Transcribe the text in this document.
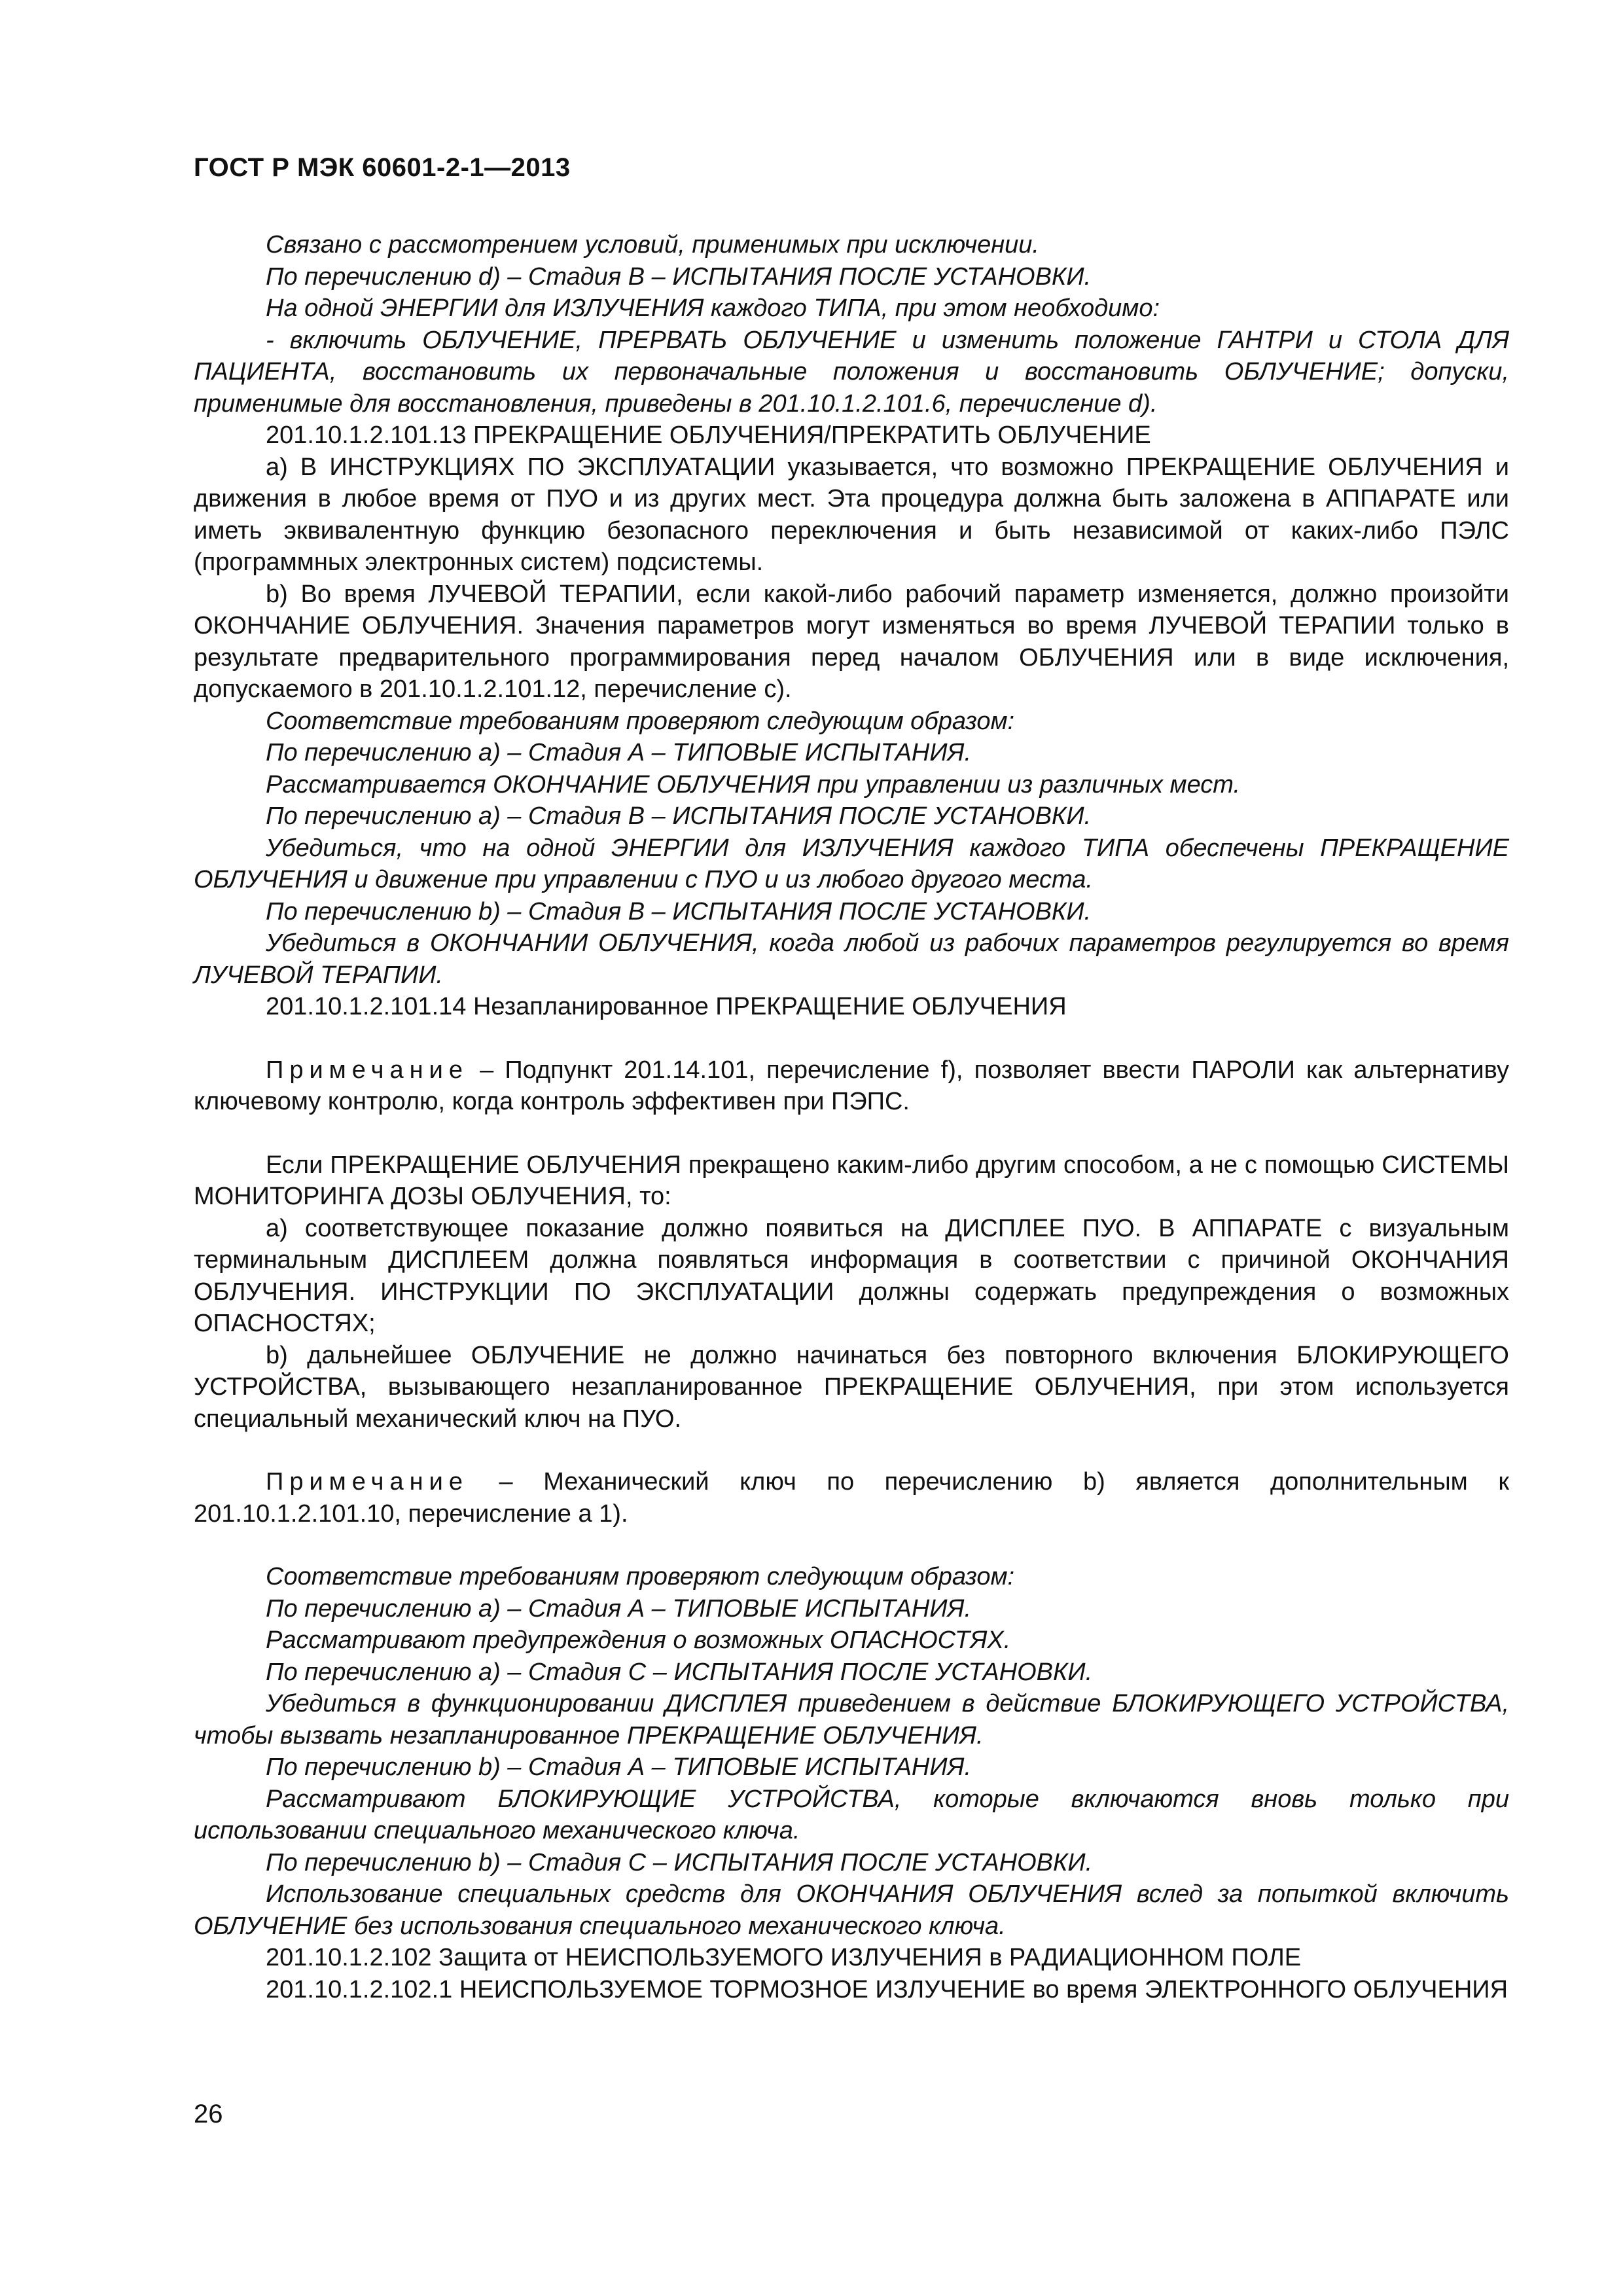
ГОСТ Р МЭК 60601-2-1—2013

Связано с рассмотрением условий, применимых при исключении.

По перечислению d) – Стадия В – ИСПЫТАНИЯ ПОСЛЕ УСТАНОВКИ.

На одной ЭНЕРГИИ для ИЗЛУЧЕНИЯ каждого ТИПА, при этом необходимо:

- включить ОБЛУЧЕНИЕ, ПРЕРВАТЬ ОБЛУЧЕНИЕ и изменить положение ГАНТРИ и СТОЛА ДЛЯ ПАЦИЕНТА, восстановить их первоначальные положения и восстановить ОБЛУЧЕНИЕ; допуски, применимые для восстановления, приведены в 201.10.1.2.101.6, перечисление d).

201.10.1.2.101.13 ПРЕКРАЩЕНИЕ ОБЛУЧЕНИЯ/ПРЕКРАТИТЬ ОБЛУЧЕНИЕ

а) В ИНСТРУКЦИЯХ ПО ЭКСПЛУАТАЦИИ указывается, что возможно ПРЕКРАЩЕНИЕ ОБЛУЧЕНИЯ и движения в любое время от ПУО и из других мест. Эта процедура должна быть заложена в АППАРАТЕ или иметь эквивалентную функцию безопасного переключения и быть независимой от каких-либо ПЭЛС (программных электронных систем) подсистемы.

b) Во время ЛУЧЕВОЙ ТЕРАПИИ, если какой-либо рабочий параметр изменяется, должно произойти ОКОНЧАНИЕ ОБЛУЧЕНИЯ. Значения параметров могут изменяться во время ЛУЧЕВОЙ ТЕРАПИИ только в результате предварительного программирования перед началом ОБЛУЧЕНИЯ или в виде исключения, допускаемого в 201.10.1.2.101.12, перечисление с).

Соответствие требованиям проверяют следующим образом:

По перечислению а) – Стадия А – ТИПОВЫЕ ИСПЫТАНИЯ.

Рассматривается ОКОНЧАНИЕ ОБЛУЧЕНИЯ при управлении из различных мест.

По перечислению а) – Стадия В – ИСПЫТАНИЯ ПОСЛЕ УСТАНОВКИ.

Убедиться, что на одной ЭНЕРГИИ для ИЗЛУЧЕНИЯ каждого ТИПА обеспечены ПРЕКРАЩЕНИЕ ОБЛУЧЕНИЯ и движение при управлении с ПУО и из любого другого места.

По перечислению b) – Стадия В – ИСПЫТАНИЯ ПОСЛЕ УСТАНОВКИ.

Убедиться в ОКОНЧАНИИ ОБЛУЧЕНИЯ, когда любой из рабочих параметров регулируется во время ЛУЧЕВОЙ ТЕРАПИИ.

201.10.1.2.101.14 Незапланированное ПРЕКРАЩЕНИЕ ОБЛУЧЕНИЯ

Примечание – Подпункт 201.14.101, перечисление f), позволяет ввести ПАРОЛИ как альтернативу ключевому контролю, когда контроль эффективен при ПЭПС.

Если ПРЕКРАЩЕНИЕ ОБЛУЧЕНИЯ прекращено каким-либо другим способом, а не с помощью СИСТЕМЫ МОНИТОРИНГА ДОЗЫ ОБЛУЧЕНИЯ, то:

а) соответствующее показание должно появиться на ДИСПЛЕЕ ПУО. В АППАРАТЕ с визуальным терминальным ДИСПЛЕЕМ должна появляться информация в соответствии с причиной ОКОНЧАНИЯ ОБЛУЧЕНИЯ. ИНСТРУКЦИИ ПО ЭКСПЛУАТАЦИИ должны содержать предупреждения о возможных ОПАСНОСТЯХ;

b) дальнейшее ОБЛУЧЕНИЕ не должно начинаться без повторного включения БЛОКИРУЮЩЕГО УСТРОЙСТВА, вызывающего незапланированное ПРЕКРАЩЕНИЕ ОБЛУЧЕНИЯ, при этом используется специальный механический ключ на ПУО.

Примечание – Механический ключ по перечислению b) является дополнительным к 201.10.1.2.101.10, перечисление а 1).

Соответствие требованиям проверяют следующим образом:

По перечислению а) – Стадия А – ТИПОВЫЕ ИСПЫТАНИЯ.

Рассматривают предупреждения о возможных ОПАСНОСТЯХ.

По перечислению а) – Стадия С – ИСПЫТАНИЯ ПОСЛЕ УСТАНОВКИ.

Убедиться в функционировании ДИСПЛЕЯ приведением в действие БЛОКИРУЮЩЕГО УСТРОЙСТВА, чтобы вызвать незапланированное ПРЕКРАЩЕНИЕ ОБЛУЧЕНИЯ.

По перечислению b) – Стадия А – ТИПОВЫЕ ИСПЫТАНИЯ.

Рассматривают БЛОКИРУЮЩИЕ УСТРОЙСТВА, которые включаются вновь только при использовании специального механического ключа.

По перечислению b) – Стадия С – ИСПЫТАНИЯ ПОСЛЕ УСТАНОВКИ.

Использование специальных средств для ОКОНЧАНИЯ ОБЛУЧЕНИЯ вслед за попыткой включить ОБЛУЧЕНИЕ без использования специального механического ключа.

201.10.1.2.102 Защита от НЕИСПОЛЬЗУЕМОГО ИЗЛУЧЕНИЯ в РАДИАЦИОННОМ ПОЛЕ

201.10.1.2.102.1 НЕИСПОЛЬЗУЕМОЕ ТОРМОЗНОЕ ИЗЛУЧЕНИЕ во время ЭЛЕКТРОННОГО ОБЛУЧЕНИЯ

26
